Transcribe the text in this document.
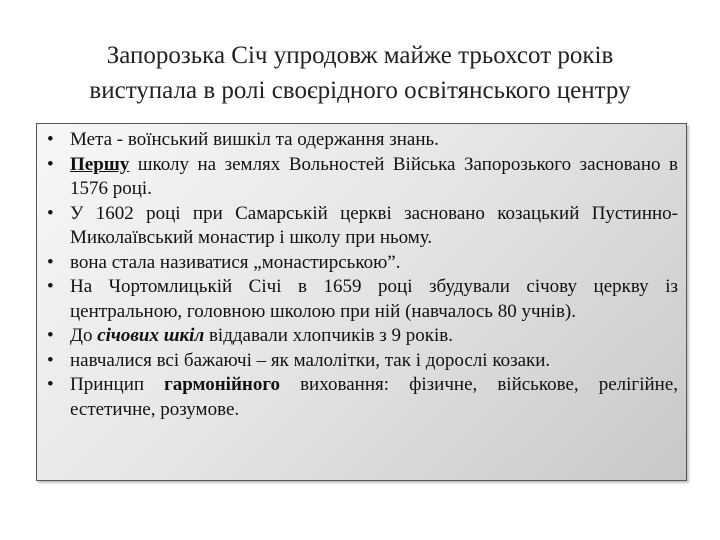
Запорозька Січ упродовж майже трьохсот років
виступала в ролі своєрідного освітянського центру
• Мета - воїнський вишкіл та одержання знань.
• Першу школу на землях Вольностей Війська Запорозького засновано в 1576 році.
• У 1602 році при Самарській церкві засновано козацький Пустинно-Миколаївський монастир і школу при ньому.
• вона стала називатися „монастирською”.
• На Чортомлицькій Січі в 1659 році збудували січову церкву із центральною, головною школою при ній (навчалось 80 учнів).
• До січових шкіл віддавали хлопчиків з 9 років.
• навчалися всі бажаючі – як малолітки, так і дорослі козаки.
• Принцип гармонійного виховання: фізичне, військове, релігійне, естетичне, розумове.
